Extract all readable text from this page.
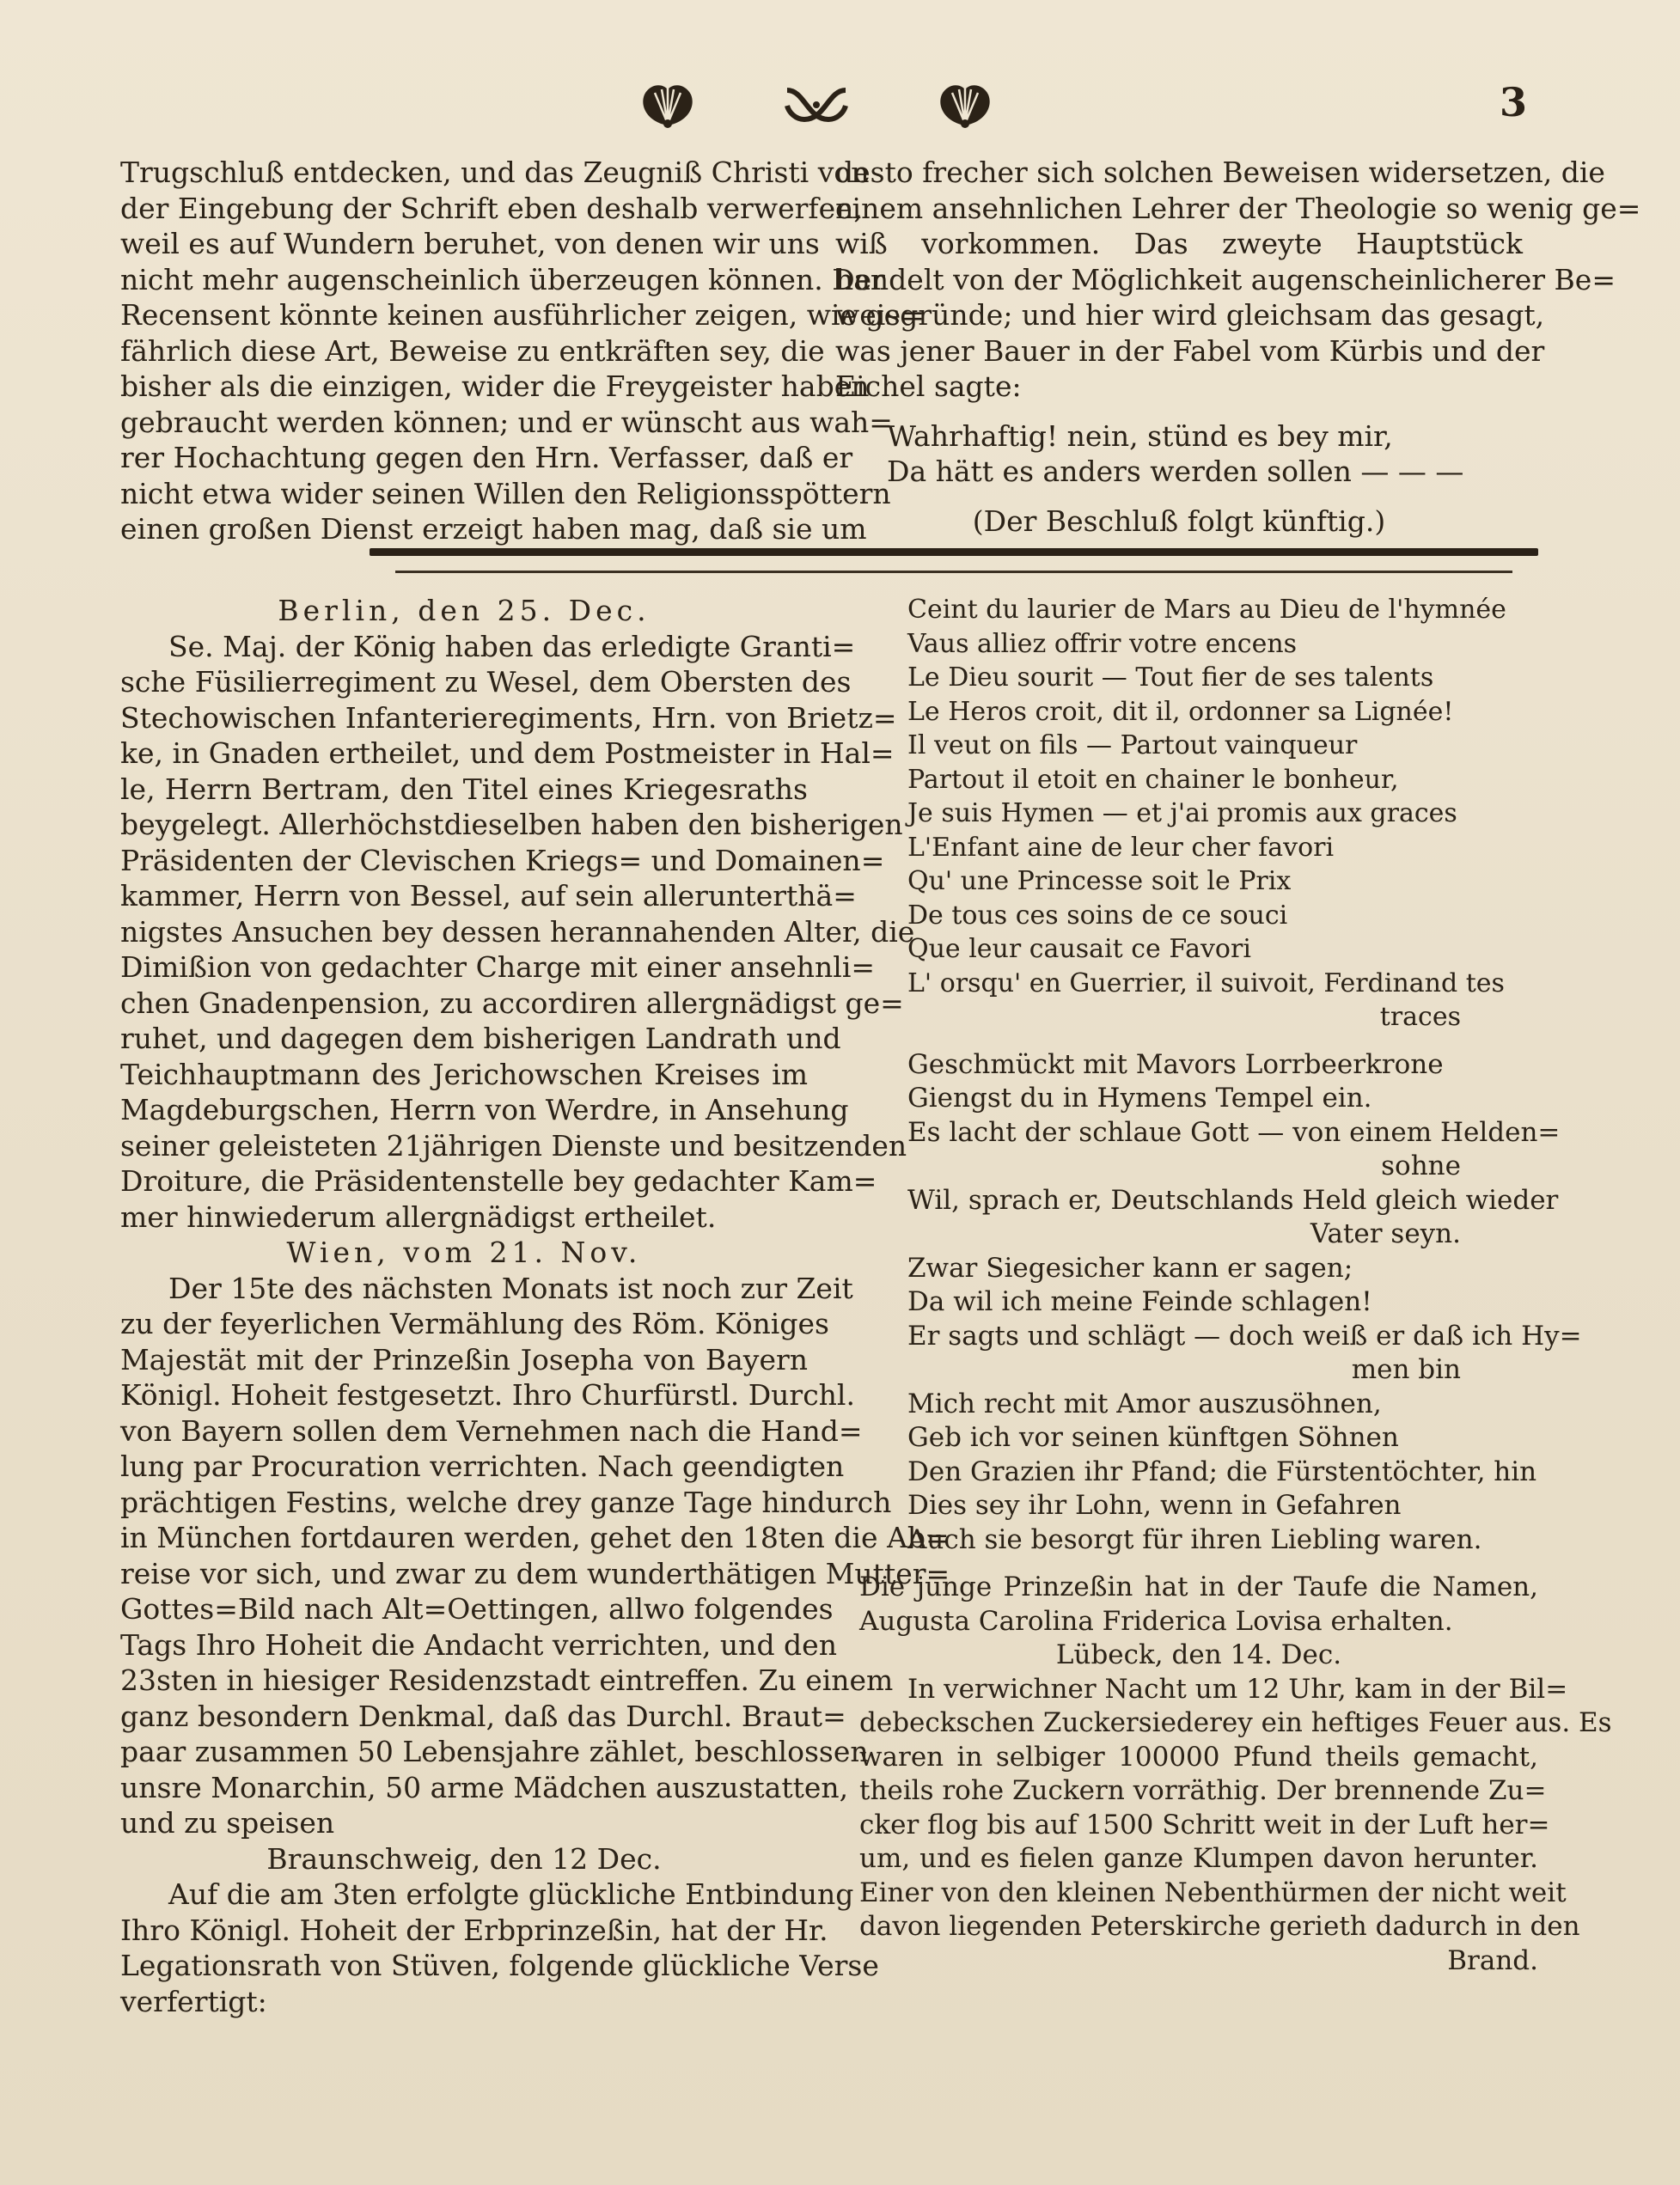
3
Trugschluß entdecken, und das Zeugniß Christi von
der Eingebung der Schrift eben deshalb verwerfen,
weil es auf Wundern beruhet, von denen wir uns
nicht mehr augenscheinlich überzeugen können. Der
Recensent könnte keinen ausführlicher zeigen, wie ge=
fährlich diese Art, Beweise zu entkräften sey, die
bisher als die einzigen, wider die Freygeister haben
gebraucht werden können; und er wünscht aus wah=
rer Hochachtung gegen den Hrn. Verfasser, daß er
nicht etwa wider seinen Willen den Religionsspöttern
einen großen Dienst erzeigt haben mag, daß sie um
desto frecher sich solchen Beweisen widersetzen, die
einem ansehnlichen Lehrer der Theologie so wenig ge=
wiß vorkommen. Das zweyte Hauptstück
handelt von der Möglichkeit augenscheinlicherer Be=
weisgründe; und hier wird gleichsam das gesagt,
was jener Bauer in der Fabel vom Kürbis und der
Eichel sagte:
Wahrhaftig! nein, stünd es bey mir,
Da hätt es anders werden sollen — — —
(Der Beschluß folgt künftig.)
Berlin, den 25. Dec.
Se. Maj. der König haben das erledigte Granti=
sche Füsilierregiment zu Wesel, dem Obersten des
Stechowischen Infanterieregiments, Hrn. von Brietz=
ke, in Gnaden ertheilet, und dem Postmeister in Hal=
le, Herrn Bertram, den Titel eines Kriegesraths
beygelegt. Allerhöchstdieselben haben den bisherigen
Präsidenten der Clevischen Kriegs= und Domainen=
kammer, Herrn von Bessel, auf sein allerunterthä=
nigstes Ansuchen bey dessen herannahenden Alter, die
Dimißion von gedachter Charge mit einer ansehnli=
chen Gnadenpension, zu accordiren allergnädigst ge=
ruhet, und dagegen dem bisherigen Landrath und
Teichhauptmann des Jerichowschen Kreises im
Magdeburgschen, Herrn von Werdre, in Ansehung
seiner geleisteten 21jährigen Dienste und besitzenden
Droiture, die Präsidentenstelle bey gedachter Kam=
mer hinwiederum allergnädigst ertheilet.
Wien, vom 21. Nov.
Der 15te des nächsten Monats ist noch zur Zeit
zu der feyerlichen Vermählung des Röm. Königes
Majestät mit der Prinzeßin Josepha von Bayern
Königl. Hoheit festgesetzt. Ihro Churfürstl. Durchl.
von Bayern sollen dem Vernehmen nach die Hand=
lung par Procuration verrichten. Nach geendigten
prächtigen Festins, welche drey ganze Tage hindurch
in München fortdauren werden, gehet den 18ten die Ab=
reise vor sich, und zwar zu dem wunderthätigen Mutter=
Gottes=Bild nach Alt=Oettingen, allwo folgendes
Tags Ihro Hoheit die Andacht verrichten, und den
23sten in hiesiger Residenzstadt eintreffen. Zu einem
ganz besondern Denkmal, daß das Durchl. Braut=
paar zusammen 50 Lebensjahre zählet, beschlossen
unsre Monarchin, 50 arme Mädchen auszustatten,
und zu speisen
Braunschweig, den 12 Dec.
Auf die am 3ten erfolgte glückliche Entbindung
Ihro Königl. Hoheit der Erbprinzeßin, hat der Hr.
Legationsrath von Stüven, folgende glückliche Verse
verfertigt:
Ceint du laurier de Mars au Dieu de l'hymnée
Vaus alliez offrir votre encens
Le Dieu sourit — Tout fier de ses talents
Le Heros croit, dit il, ordonner sa Lignée!
Il veut on fils — Partout vainqueur
Partout il etoit en chainer le bonheur,
Je suis Hymen — et j'ai promis aux graces
L'Enfant aine de leur cher favori
Qu' une Princesse soit le Prix
De tous ces soins de ce souci
Que leur causait ce Favori
L' orsqu' en Guerrier, il suivoit, Ferdinand tes
traces
Geschmückt mit Mavors Lorrbeerkrone
Giengst du in Hymens Tempel ein.
Es lacht der schlaue Gott — von einem Helden=
sohne
Wil, sprach er, Deutschlands Held gleich wieder
Vater seyn.
Zwar Siegesicher kann er sagen;
Da wil ich meine Feinde schlagen!
Er sagts und schlägt — doch weiß er daß ich Hy=
men bin
Mich recht mit Amor auszusöhnen,
Geb ich vor seinen künftgen Söhnen
Den Grazien ihr Pfand; die Fürstentöchter, hin
Dies sey ihr Lohn, wenn in Gefahren
Auch sie besorgt für ihren Liebling waren.
Die junge Prinzeßin hat in der Taufe die Namen,
Augusta Carolina Friderica Lovisa erhalten.
Lübeck, den 14. Dec.
In verwichner Nacht um 12 Uhr, kam in der Bil=
debeckschen Zuckersiederey ein heftiges Feuer aus. Es
waren in selbiger 100000 Pfund theils gemacht,
theils rohe Zuckern vorräthig. Der brennende Zu=
cker flog bis auf 1500 Schritt weit in der Luft her=
um, und es fielen ganze Klumpen davon herunter.
Einer von den kleinen Nebenthürmen der nicht weit
davon liegenden Peterskirche gerieth dadurch in den
Brand.
